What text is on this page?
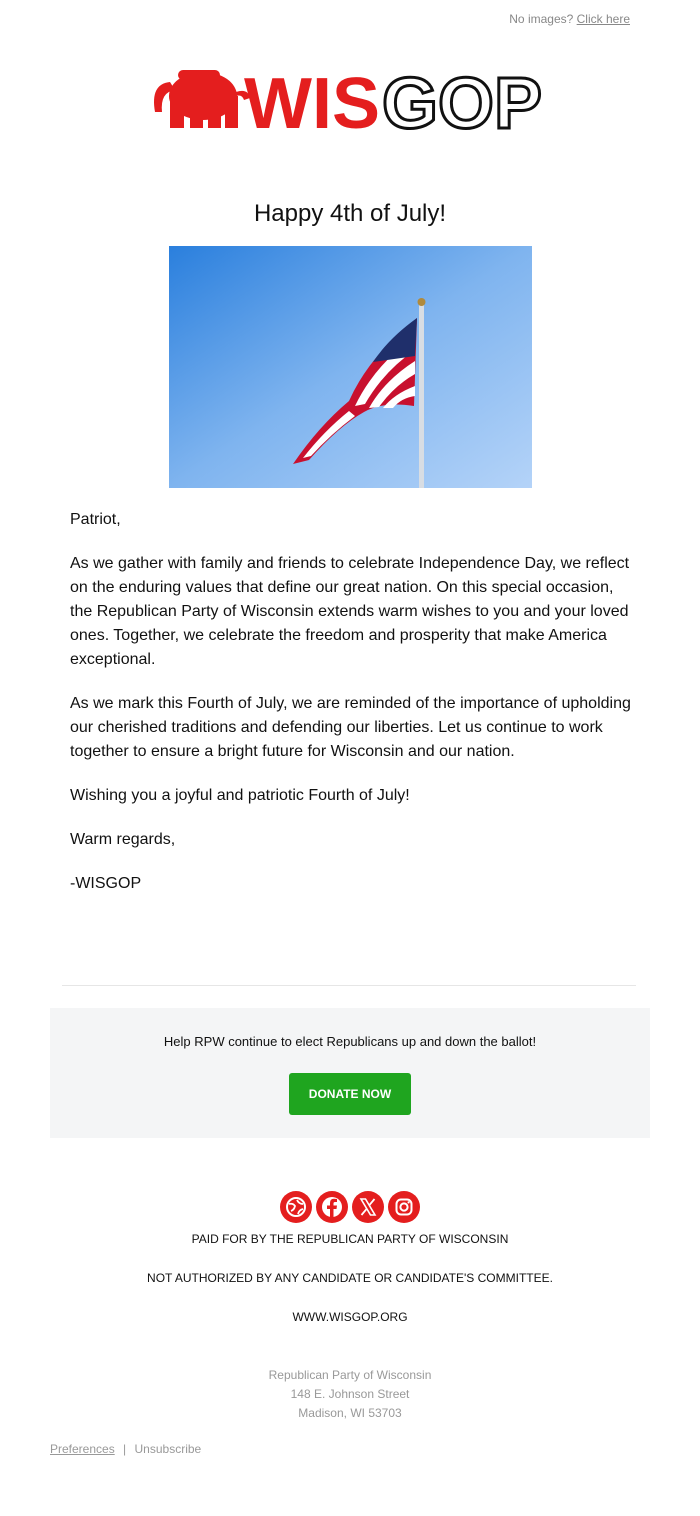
No images? Click here
WIS GOP
Happy 4th of July!

Patriot,

As we gather with family and friends to celebrate Independence Day, we reflect on the enduring values that define our great nation. On this special occasion, the Republican Party of Wisconsin extends warm wishes to you and your loved ones. Together, we celebrate the freedom and prosperity that make America exceptional.

As we mark this Fourth of July, we are reminded of the importance of upholding our cherished traditions and defending our liberties. Let us continue to work together to ensure a bright future for Wisconsin and our nation.

Wishing you a joyful and patriotic Fourth of July!

Warm regards,

-WISGOP

Help RPW continue to elect Republicans up and down the ballot!
DONATE NOW
PAID FOR BY THE REPUBLICAN PARTY OF WISCONSIN
NOT AUTHORIZED BY ANY CANDIDATE OR CANDIDATE'S COMMITTEE.
WWW.WISGOP.ORG
Republican Party of Wisconsin
148 E. Johnson Street
Madison, WI 53703
Preferences | Unsubscribe
